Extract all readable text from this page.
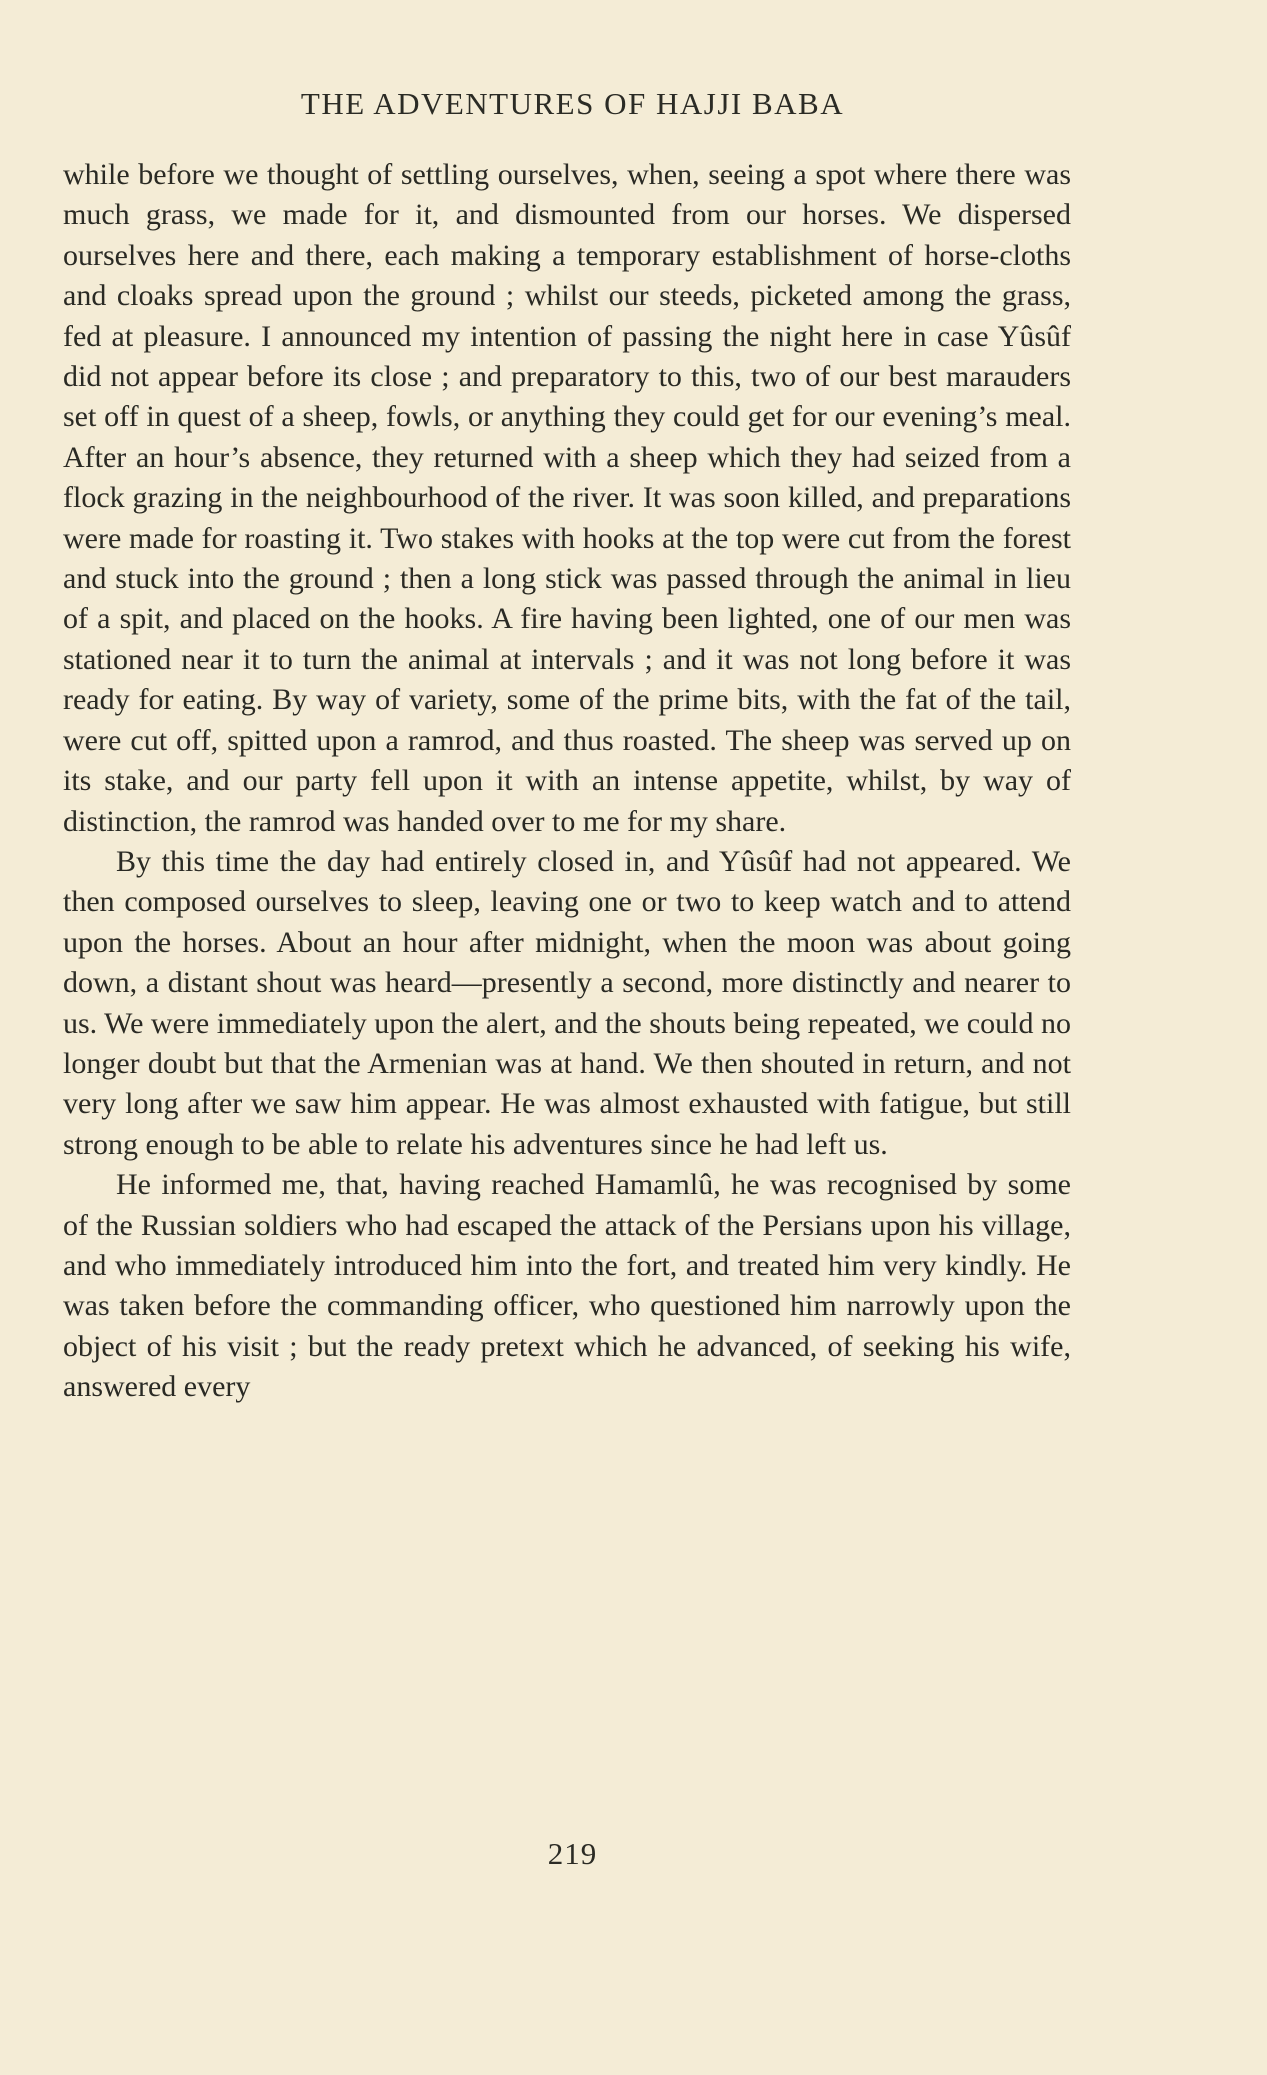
THE ADVENTURES OF HAJJI BABA

while before we thought of settling ourselves, when, seeing a spot where there was much grass, we made for it, and dismounted from our horses. We dispersed ourselves here and there, each making a temporary establishment of horse-cloths and cloaks spread upon the ground ; whilst our steeds, picketed among the grass, fed at pleasure. I announced my intention of passing the night here in case Yûsûf did not appear before its close ; and preparatory to this, two of our best marauders set off in quest of a sheep, fowls, or anything they could get for our evening’s meal. After an hour’s absence, they returned with a sheep which they had seized from a flock grazing in the neighbourhood of the river. It was soon killed, and preparations were made for roasting it. Two stakes with hooks at the top were cut from the forest and stuck into the ground ; then a long stick was passed through the animal in lieu of a spit, and placed on the hooks. A fire having been lighted, one of our men was stationed near it to turn the animal at intervals ; and it was not long before it was ready for eating. By way of variety, some of the prime bits, with the fat of the tail, were cut off, spitted upon a ramrod, and thus roasted. The sheep was served up on its stake, and our party fell upon it with an intense appetite, whilst, by way of distinction, the ramrod was handed over to me for my share.

By this time the day had entirely closed in, and Yûsûf had not appeared. We then composed ourselves to sleep, leaving one or two to keep watch and to attend upon the horses. About an hour after midnight, when the moon was about going down, a distant shout was heard—presently a second, more distinctly and nearer to us. We were immediately upon the alert, and the shouts being repeated, we could no longer doubt but that the Armenian was at hand. We then shouted in return, and not very long after we saw him appear. He was almost exhausted with fatigue, but still strong enough to be able to relate his adventures since he had left us.

He informed me, that, having reached Hamamlû, he was recognised by some of the Russian soldiers who had escaped the attack of the Persians upon his village, and who immediately introduced him into the fort, and treated him very kindly. He was taken before the commanding officer, who questioned him narrowly upon the object of his visit ; but the ready pretext which he advanced, of seeking his wife, answered every

219
